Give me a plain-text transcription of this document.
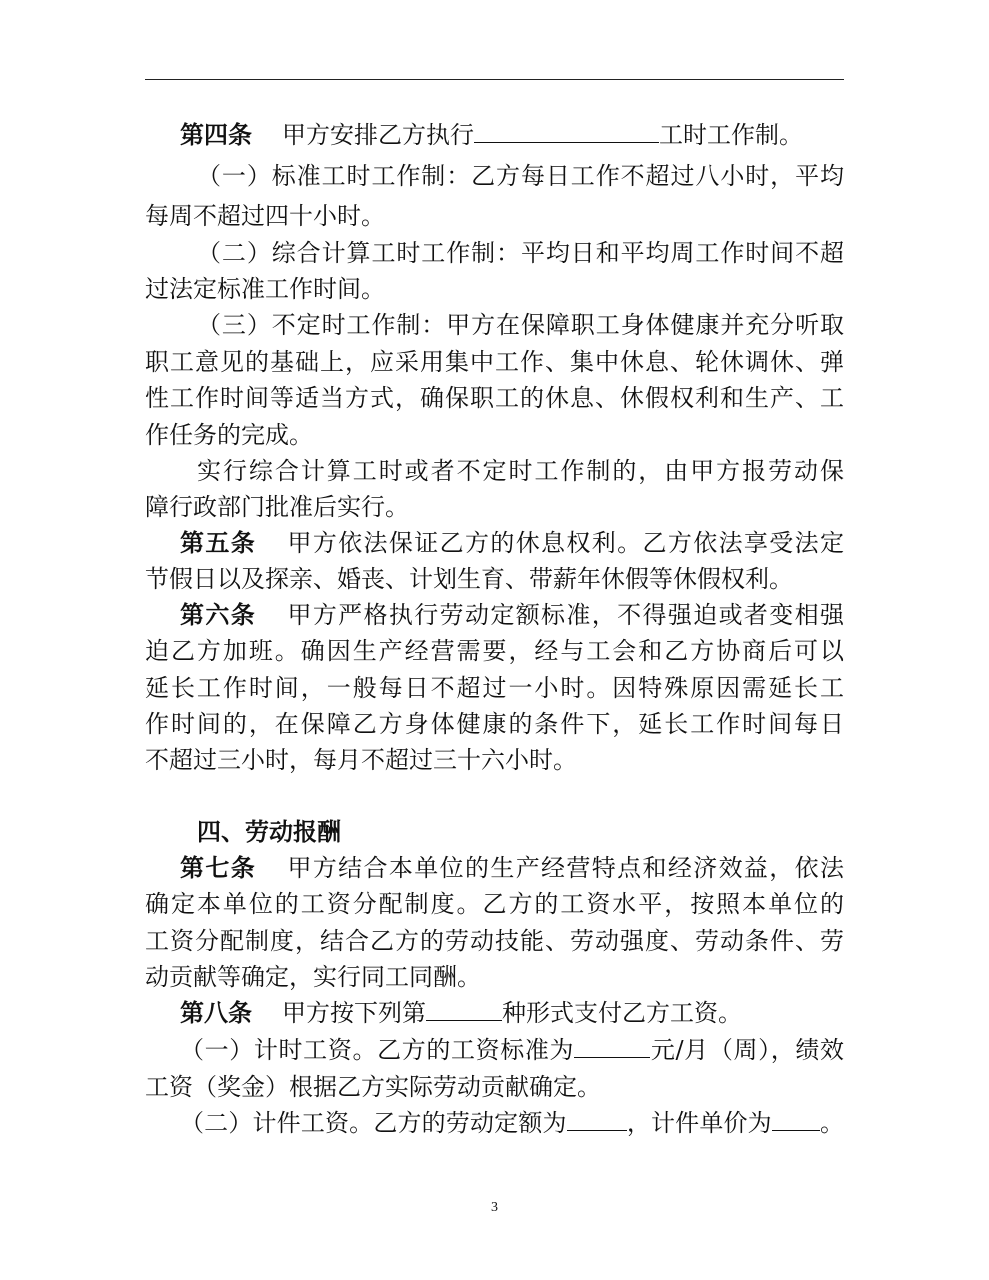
第四条 甲方安排乙方执行	工时工作制。
（一）标准工时工作制：乙方每日工作不超过八小时，平均
每周不超过四十小时。
（二）综合计算工时工作制：平均日和平均周工作时间不超
过法定标准工作时间。
（三）不定时工作制：甲方在保障职工身体健康并充分听取
职工意见的基础上，应采用集中工作、集中休息、轮休调休、弹
性工作时间等适当方式，确保职工的休息、休假权利和生产、工
作任务的完成。
实行综合计算工时或者不定时工作制的，由甲方报劳动保
障行政部门批准后实行。
第五条 甲方依法保证乙方的休息权利。乙方依法享受法定
节假日以及探亲、婚丧、计划生育、带薪年休假等休假权利。
第六条 甲方严格执行劳动定额标准，不得强迫或者变相强
迫乙方加班。确因生产经营需要，经与工会和乙方协商后可以
延长工作时间，一般每日不超过一小时。因特殊原因需延长工
作时间的，在保障乙方身体健康的条件下，延长工作时间每日
不超过三小时，每月不超过三十六小时。
四、劳动报酬
第七条 甲方结合本单位的生产经营特点和经济效益，依法
确定本单位的工资分配制度。乙方的工资水平，按照本单位的
工资分配制度，结合乙方的劳动技能、劳动强度、劳动条件、劳
动贡献等确定，实行同工同酬。
第八条 甲方按下列第	种形式支付乙方工资。
（一）计时工资。乙方的工资标准为	元/月（周），绩效
工资（奖金）根据乙方实际劳动贡献确定。
（二）计件工资。乙方的劳动定额为	，计件单价为 。
3
